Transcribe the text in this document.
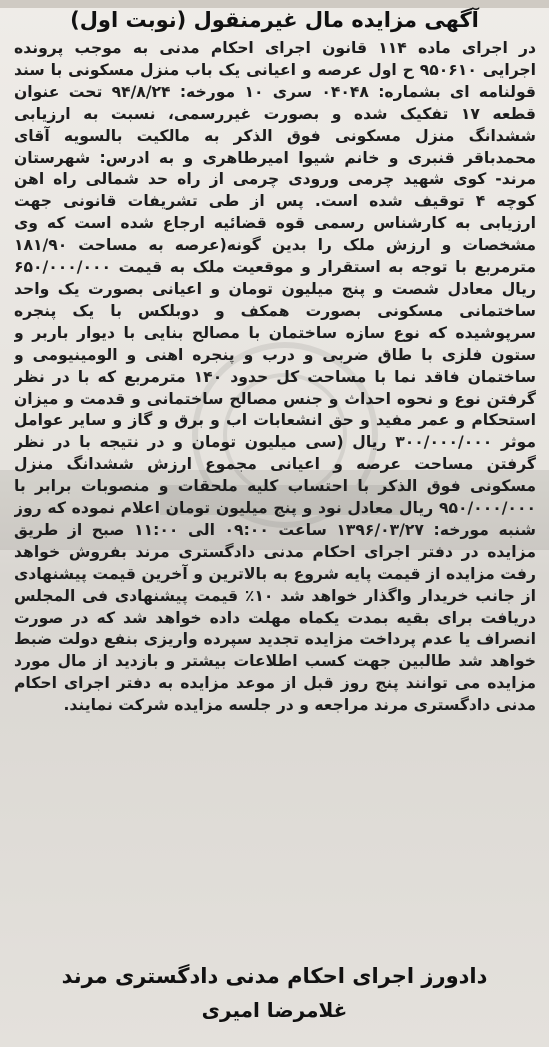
آگهی مزایده مال غیرمنقول (نوبت اول)
در اجرای ماده ۱۱۴ قانون اجرای احکام مدنی به موجب پرونده اجرایی ۹۵۰۶۱۰ ح اول عرصه و اعیانی یک باب منزل مسکونی با سند قولنامه ای بشماره: ۰۴۰۴۸ سری ۱۰ مورخه: ۹۴/۸/۲۴ تحت عنوان قطعه ۱۷ تفکیک شده و بصورت غیررسمی، نسبت به ارزیابی ششدانگ منزل مسکونی فوق الذکر به مالکیت بالسویه آقای محمدباقر قنبری و خانم شیوا امیرطاهری و به ادرس: شهرستان مرند- کوی شهید چرمی ورودی چرمی از راه حد شمالی راه اهن کوچه ۴ توقیف شده است. پس از طی تشریفات قانونی جهت ارزیابی به کارشناس رسمی قوه قضائیه ارجاع شده است که وی مشخصات و ارزش ملک را بدین گونه(عرصه به مساحت ۱۸۱/۹۰ مترمربع با توجه به استقرار و موقعیت ملک به قیمت ۶۵۰/۰۰۰/۰۰۰ ریال معادل شصت و پنج میلیون تومان و اعیانی بصورت یک واحد ساختمانی مسکونی بصورت همکف و دوبلکس با یک پنجره سرپوشیده که نوع سازه ساختمان با مصالح بنایی با دیوار باربر و ستون فلزی با طاق ضربی و درب و پنجره اهنی و الومینیومی و ساختمان فاقد نما با مساحت کل حدود ۱۴۰ مترمربع که با در نظر گرفتن نوع و نحوه احداث و جنس مصالح ساختمانی و قدمت و میزان استحکام و عمر مفید و حق انشعابات اب و برق و گاز و سایر عوامل موثر ۳۰۰/۰۰۰/۰۰۰ ریال (سی میلیون تومان و در نتیجه با در نظر گرفتن مساحت عرصه و اعیانی مجموع ارزش ششدانگ منزل مسکونی فوق الذکر با احتساب کلیه ملحقات و منصوبات برابر با ۹۵۰/۰۰۰/۰۰۰ ریال معادل نود و پنج میلیون تومان اعلام نموده که روز شنبه مورخه: ۱۳۹۶/۰۳/۲۷ ساعت ۰۹:۰۰ الی ۱۱:۰۰ صبح از طریق مزایده در دفتر اجرای احکام مدنی دادگستری مرند بفروش خواهد رفت مزایده از قیمت پایه شروع به بالاترین و آخرین قیمت پیشنهادی از جانب خریدار واگذار خواهد شد ۱۰٪ قیمت پیشنهادی فی المجلس دریافت برای بقیه بمدت یکماه مهلت داده خواهد شد که در صورت انصراف یا عدم پرداخت مزایده تجدید سپرده واریزی بنفع دولت ضبط خواهد شد طالبین جهت کسب اطلاعات بیشتر و بازدید از مال مورد مزایده می توانند پنج روز قبل از موعد مزایده به دفتر اجرای احکام مدنی دادگستری مرند مراجعه و در جلسه مزایده شرکت نمایند.
دادورز اجرای احکام مدنی دادگستری مرند
غلامرضا امیری
